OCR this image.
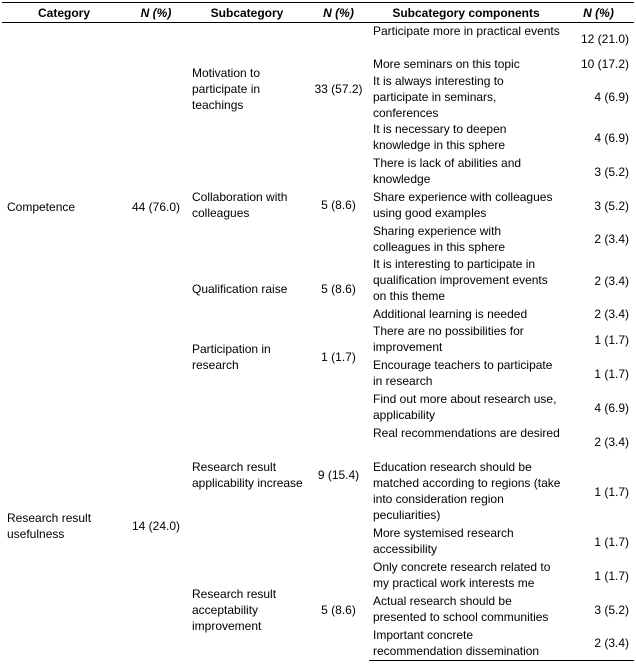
Category	N (%)	Subcategory	N (%)	Subcategory components	N (%)
Competence	44 (76.0)	Motivation to participate in teachings	33 (57.2)	Participate more in practical events	12 (21.0)
				More seminars on this topic	10 (17.2)
				It is always interesting to participate in seminars, conferences	4 (6.9)
				It is necessary to deepen knowledge in this sphere	4 (6.9)
		Collaboration with colleagues	5 (8.6)	There is lack of abilities and knowledge	3 (5.2)
				Share experience with colleagues using good examples	3 (5.2)
				Sharing experience with colleagues in this sphere	2 (3.4)
		Qualification raise	5 (8.6)	It is interesting to participate in qualification improvement events on this theme	2 (3.4)
				Additional learning is needed	2 (3.4)
		Participation in research	1 (1.7)	There are no possibilities for improvement	1 (1.7)
				Encourage teachers to participate in research	1 (1.7)
Research result usefulness	14 (24.0)	Research result applicability increase	9 (15.4)	Find out more about research use, applicability	4 (6.9)
				Real recommendations are desired	2 (3.4)
				Education research should be matched according to regions (take into consideration region peculiarities)	1 (1.7)
				More systemised research accessibility	1 (1.7)
		Research result acceptability improvement	5 (8.6)	Only concrete research related to my practical work interests me	1 (1.7)
				Actual research should be presented to school communities	3 (5.2)
				Important concrete recommendation dissemination	2 (3.4)
